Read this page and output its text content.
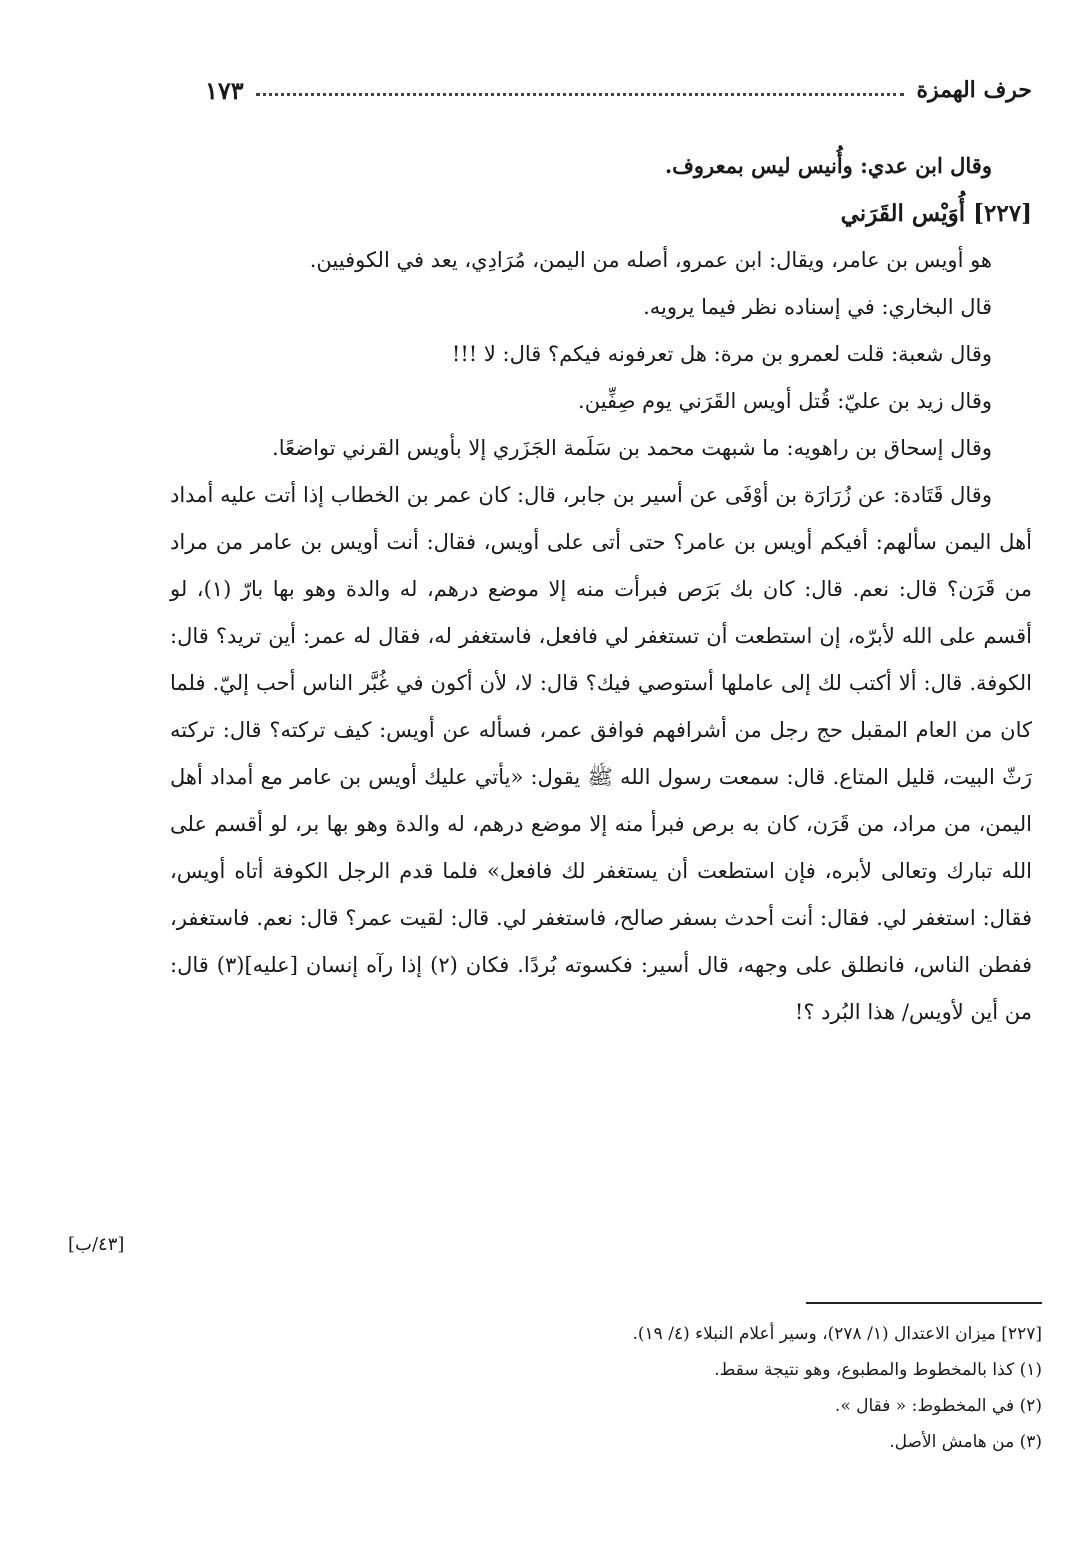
حرف الهمزة
١٧٣

وقال ابن عدي: وأُنيس ليس بمعروف.

[٢٢٧] أُوَيْس القَرَني

هو أويس بن عامر، ويقال: ابن عمرو، أصله من اليمن، مُرَادِي، يعد في الكوفيين.

قال البخاري: في إسناده نظر فيما يرويه.

وقال شعبة: قلت لعمرو بن مرة: هل تعرفونه فيكم؟ قال: لا !!!

وقال زيد بن عليّ: قُتل أويس القَرَني يوم صِفِّين.

وقال إسحاق بن راهويه: ما شبهت محمد بن سَلَمة الجَزَري إلا بأويس القرني تواضعًا.

وقال قَتَادة: عن زُرَارَة بن أوْفَى عن أسير بن جابر، قال: كان عمر بن الخطاب إذا أتت عليه أمداد أهل اليمن سألهم: أفيكم أويس بن عامر؟ حتى أتى على أويس، فقال: أنت أويس بن عامر من مراد من قَرَن؟ قال: نعم. قال: كان بك بَرَص فبرأت منه إلا موضع درهم، له والدة وهو بها بارّ (١)، لو أقسم على الله لأبرّه، إن استطعت أن تستغفر لي فافعل، فاستغفر له، فقال له عمر: أين تريد؟ قال: الكوفة. قال: ألا أكتب لك إلى عاملها أستوصي فيك؟ قال: لا، لأن أكون في غُبَّر الناس أحب إليّ. فلما كان من العام المقبل حج رجل من أشرافهم فوافق عمر، فسأله عن أويس: كيف تركته؟ قال: تركته رَثّ البيت، قليل المتاع. قال: سمعت رسول الله ﷺ يقول: «يأتي عليك أويس بن عامر مع أمداد أهل اليمن، من مراد، من قَرَن، كان به برص فبرأ منه إلا موضع درهم، له والدة وهو بها بر، لو أقسم على الله تبارك وتعالى لأبره، فإن استطعت أن يستغفر لك فافعل» فلما قدم الرجل الكوفة أتاه أويس، فقال: استغفر لي. فقال: أنت أحدث بسفر صالح، فاستغفر لي. قال: لقيت عمر؟ قال: نعم. فاستغفر، ففطن الناس، فانطلق على وجهه، قال أسير: فكسوته بُردًا. فكان (٢) إذا رآه إنسان [عليه](٣) قال: من أين لأويس/ هذا البُرد ؟!

[٤٣/ب]

[٢٢٧] ميزان الاعتدال (١/ ٢٧٨)، وسير أعلام النبلاء (٤/ ١٩).

(١) كذا بالمخطوط والمطبوع، وهو نتيجة سقط.

(٢) في المخطوط: « فقال ».

(٣) من هامش الأصل.
